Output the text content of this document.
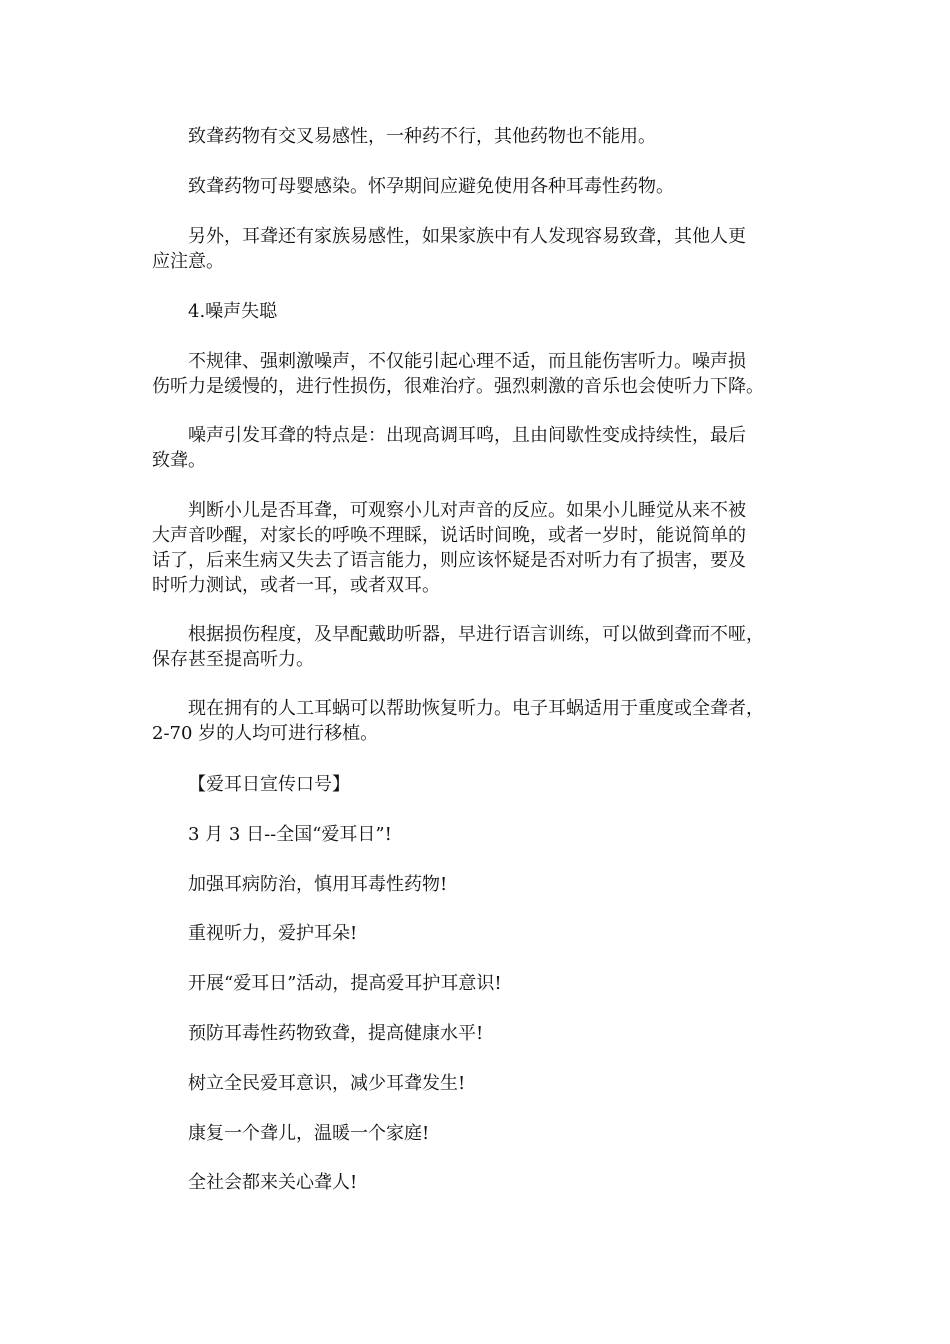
致聋药物有交叉易感性，一种药不行，其他药物也不能用。

致聋药物可母婴感染。怀孕期间应避免使用各种耳毒性药物。

另外，耳聋还有家族易感性，如果家族中有人发现容易致聋，其他人更
应注意。

4.噪声失聪

不规律、强刺激噪声，不仅能引起心理不适，而且能伤害听力。噪声损
伤听力是缓慢的，进行性损伤，很难治疗。强烈刺激的音乐也会使听力下降。

噪声引发耳聋的特点是：出现高调耳鸣，且由间歇性变成持续性，最后
致聋。

判断小儿是否耳聋，可观察小儿对声音的反应。如果小儿睡觉从来不被
大声音吵醒，对家长的呼唤不理睬，说话时间晚，或者一岁时，能说简单的
话了，后来生病又失去了语言能力，则应该怀疑是否对听力有了损害，要及
时听力测试，或者一耳，或者双耳。

根据损伤程度，及早配戴助听器，早进行语言训练，可以做到聋而不哑，
保存甚至提高听力。

现在拥有的人工耳蜗可以帮助恢复听力。电子耳蜗适用于重度或全聋者，
2-70 岁的人均可进行移植。

【爱耳日宣传口号】

3 月 3 日--全国“爱耳日”!

加强耳病防治，慎用耳毒性药物!

重视听力，爱护耳朵!

开展“爱耳日”活动，提高爱耳护耳意识!

预防耳毒性药物致聋，提高健康水平!

树立全民爱耳意识，减少耳聋发生!

康复一个聋儿，温暖一个家庭!

全社会都来关心聋人!
